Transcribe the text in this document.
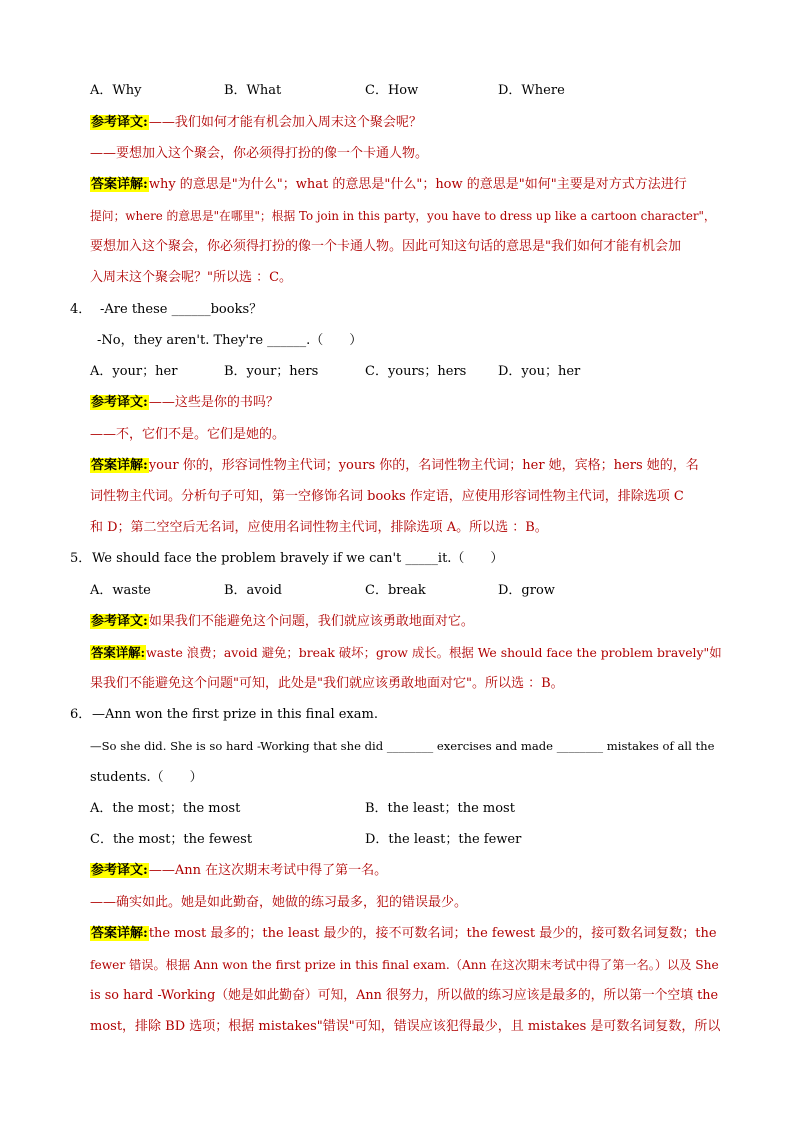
A．Why	B．What	C．How	D．Where
参考译文:——我们如何才能有机会加入周末这个聚会呢？
——要想加入这个聚会，你必须得打扮的像一个卡通人物。
答案详解:why 的意思是"为什么"；what 的意思是"什么"；how 的意思是"如何"主要是对方式方法进行
提问；where 的意思是"在哪里"；根据 To join in this party，you have to dress up like a cartoon character"，
要想加入这个聚会，你必须得打扮的像一个卡通人物。因此可知这句话的意思是"我们如何才能有机会加
入周末这个聚会呢？"所以选 ：C。
4． -Are these ______books？
-No，they aren't. They're ______.（　　）
A．your；her	B．your；hers	C．yours；hers D．you；her
参考译文:——这些是你的书吗？
——不，它们不是。它们是她的。
答案详解:your 你的，形容词性物主代词；yours 你的，名词性物主代词；her 她，宾格；hers 她的，名
词性物主代词。分析句子可知，第一空修饰名词 books 作定语，应使用形容词性物主代词，排除选项 C
和 D；第二空空后无名词，应使用名词性物主代词，排除选项 A。所以选 ：B。
5． We should face the problem bravely if we can't _____it.（　　）
A．waste	B．avoid	C．break	D．grow
参考译文:如果我们不能避免这个问题，我们就应该勇敢地面对它。
答案详解:waste 浪费；avoid 避免；break 破坏；grow 成长。根据 We should face the problem bravely"如
果我们不能避免这个问题"可知，此处是"我们就应该勇敢地面对它"。所以选 ：B。
6． —Ann won the first prize in this final exam.
—So she did. She is so hard -Working that she did ________ exercises and made ________ mistakes of all the
students.（　　）
A．the most；the most	B．the least；the most
C．the most；the fewest	D．the least；the fewer
参考译文:——Ann 在这次期末考试中得了第一名。
——确实如此。她是如此勤奋，她做的练习最多，犯的错误最少。
答案详解:the most 最多的；the least 最少的，接不可数名词；the fewest 最少的，接可数名词复数；the
fewer 错误。根据 Ann won the first prize in this final exam.（Ann 在这次期末考试中得了第一名。）以及 She
is so hard -Working（她是如此勤奋）可知，Ann 很努力，所以做的练习应该是最多的，所以第一个空填 the
most，排除 BD 选项；根据 mistakes"错误"可知，错误应该犯得最少，且 mistakes 是可数名词复数，所以
